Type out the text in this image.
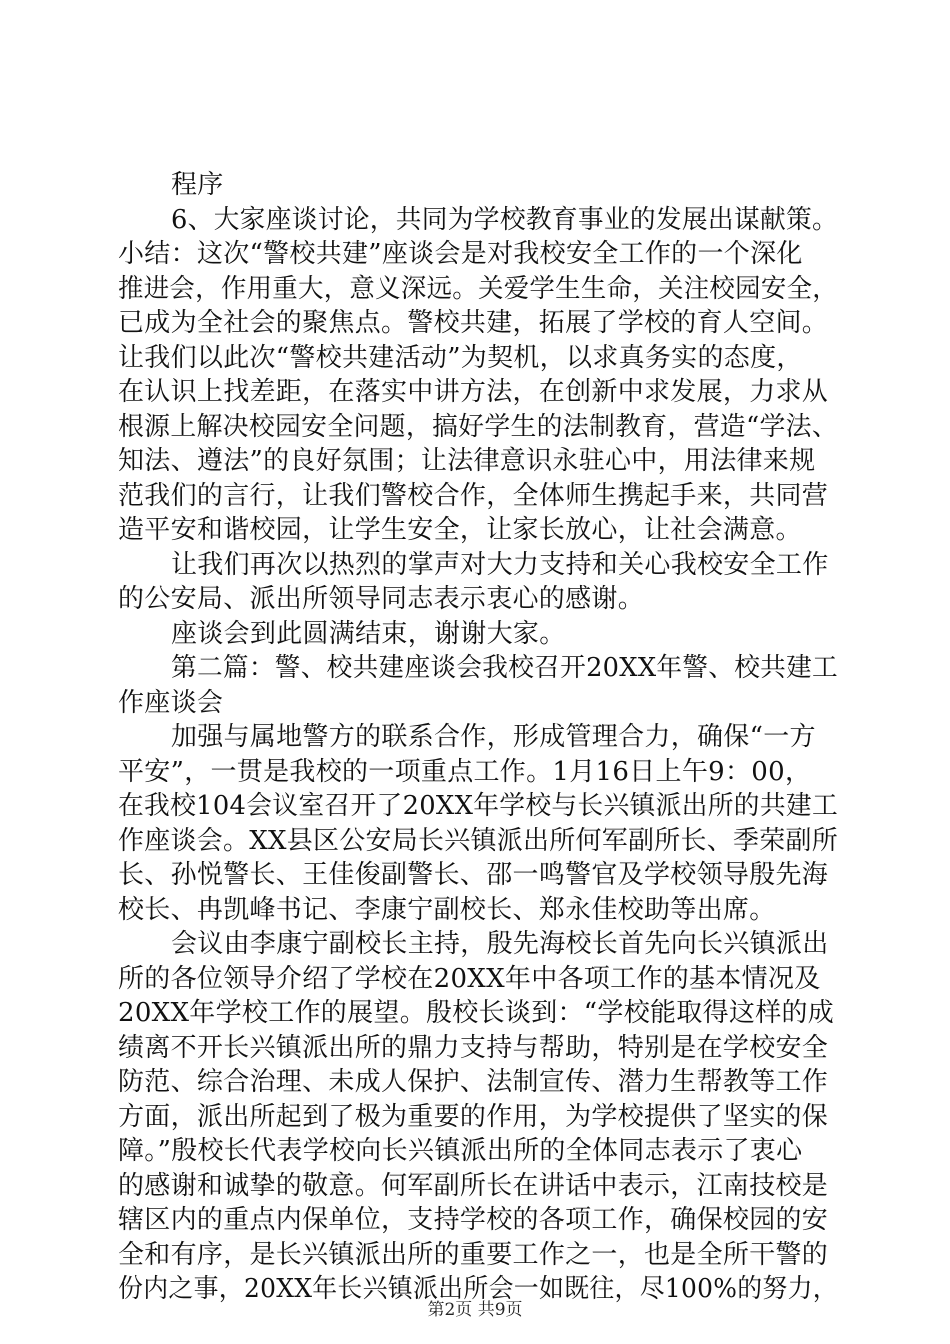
程序
6、大家座谈讨论，共同为学校教育事业的发展出谋献策。
小结：这次“警校共建”座谈会是对我校安全工作的一个深化
推进会，作用重大，意义深远。关爱学生生命，关注校园安全，
已成为全社会的聚焦点。警校共建，拓展了学校的育人空间。
让我们以此次“警校共建活动”为契机，以求真务实的态度，
在认识上找差距，在落实中讲方法，在创新中求发展，力求从
根源上解决校园安全问题，搞好学生的法制教育，营造“学法、
知法、遵法”的良好氛围；让法律意识永驻心中，用法律来规
范我们的言行，让我们警校合作，全体师生携起手来，共同营
造平安和谐校园，让学生安全，让家长放心，让社会满意。
让我们再次以热烈的掌声对大力支持和关心我校安全工作
的公安局、派出所领导同志表示衷心的感谢。
座谈会到此圆满结束，谢谢大家。
第二篇：警、校共建座谈会我校召开20XX年警、校共建工
作座谈会
加强与属地警方的联系合作，形成管理合力，确保“一方
平安”，一贯是我校的一项重点工作。1月16日上午9：00，
在我校104会议室召开了20XX年学校与长兴镇派出所的共建工
作座谈会。XX县区公安局长兴镇派出所何军副所长、季荣副所
长、孙悦警长、王佳俊副警长、邵一鸣警官及学校领导殷先海
校长、冉凯峰书记、李康宁副校长、郑永佳校助等出席。
会议由李康宁副校长主持，殷先海校长首先向长兴镇派出
所的各位领导介绍了学校在20XX年中各项工作的基本情况及
20XX年学校工作的展望。殷校长谈到：“学校能取得这样的成
绩离不开长兴镇派出所的鼎力支持与帮助，特别是在学校安全
防范、综合治理、未成人保护、法制宣传、潜力生帮教等工作
方面，派出所起到了极为重要的作用，为学校提供了坚实的保
障。”殷校长代表学校向长兴镇派出所的全体同志表示了衷心
的感谢和诚挚的敬意。何军副所长在讲话中表示，江南技校是
辖区内的重点内保单位，支持学校的各项工作，确保校园的安
全和有序，是长兴镇派出所的重要工作之一，也是全所干警的
份内之事，20XX年长兴镇派出所会一如既往，尽100%的努力，
第2页 共9页
